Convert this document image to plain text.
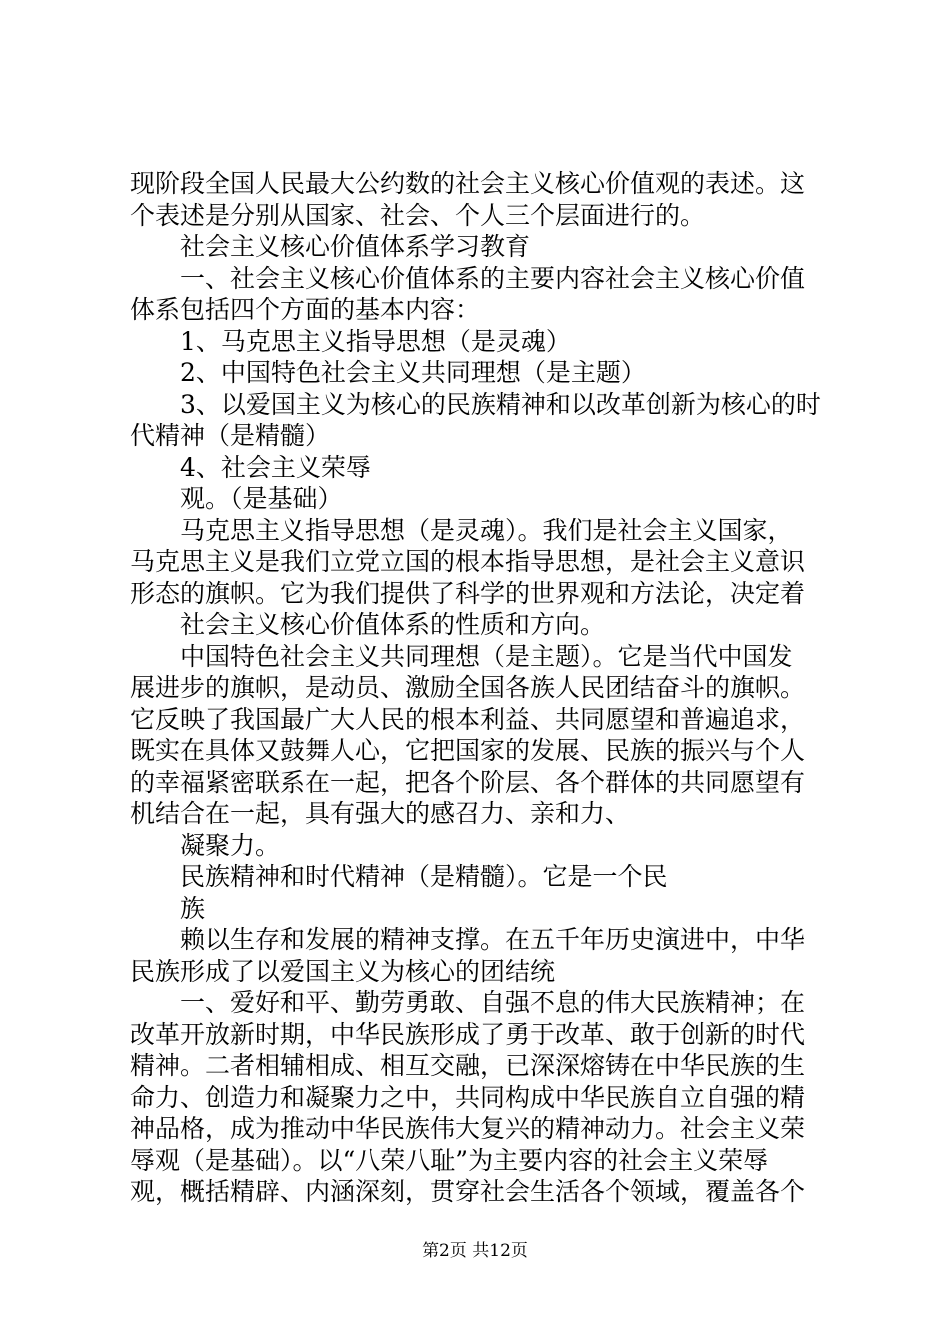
现阶段全国人民最大公约数的社会主义核心价值观的表述。这
个表述是分别从国家、社会、个人三个层面进行的。
社会主义核心价值体系学习教育
一、社会主义核心价值体系的主要内容社会主义核心价值
体系包括四个方面的基本内容：
1、马克思主义指导思想（是灵魂）
2、中国特色社会主义共同理想（是主题）
3、以爱国主义为核心的民族精神和以改革创新为核心的时
代精神（是精髓）
4、社会主义荣辱
观。（是基础）
马克思主义指导思想（是灵魂）。我们是社会主义国家，
马克思主义是我们立党立国的根本指导思想，是社会主义意识
形态的旗帜。它为我们提供了科学的世界观和方法论，决定着
社会主义核心价值体系的性质和方向。
中国特色社会主义共同理想（是主题）。它是当代中国发
展进步的旗帜，是动员、激励全国各族人民团结奋斗的旗帜。
它反映了我国最广大人民的根本利益、共同愿望和普遍追求，
既实在具体又鼓舞人心，它把国家的发展、民族的振兴与个人
的幸福紧密联系在一起，把各个阶层、各个群体的共同愿望有
机结合在一起，具有强大的感召力、亲和力、
凝聚力。
民族精神和时代精神（是精髓）。它是一个民
族
赖以生存和发展的精神支撑。在五千年历史演进中，中华
民族形成了以爱国主义为核心的团结统
一、爱好和平、勤劳勇敢、自强不息的伟大民族精神；在
改革开放新时期，中华民族形成了勇于改革、敢于创新的时代
精神。二者相辅相成、相互交融，已深深熔铸在中华民族的生
命力、创造力和凝聚力之中，共同构成中华民族自立自强的精
神品格，成为推动中华民族伟大复兴的精神动力。社会主义荣
辱观（是基础）。以“八荣八耻”为主要内容的社会主义荣辱
观，概括精辟、内涵深刻，贯穿社会生活各个领域，覆盖各个
第2页 共12页
